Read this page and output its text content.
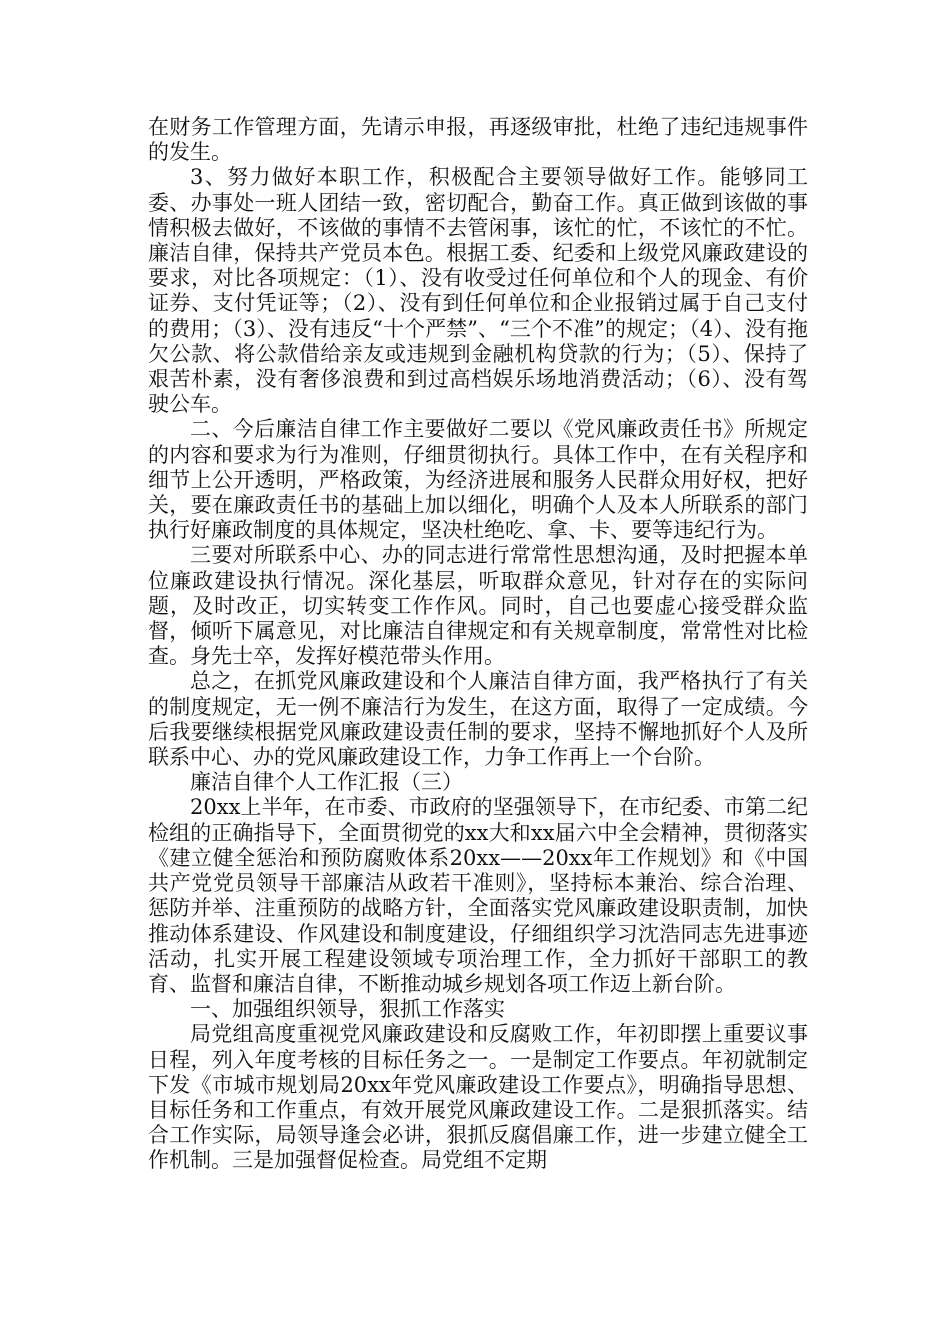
在财务工作管理方面，先请示申报，再逐级审批，杜绝了违纪违规事件的发生。

3、努力做好本职工作，积极配合主要领导做好工作。能够同工委、办事处一班人团结一致，密切配合，勤奋工作。真正做到该做的事情积极去做好，不该做的事情不去管闲事，该忙的忙，不该忙的不忙。廉洁自律，保持共产党员本色。根据工委、纪委和上级党风廉政建设的要求，对比各项规定：（1）、没有收受过任何单位和个人的现金、有价证券、支付凭证等；（2）、没有到任何单位和企业报销过属于自己支付的费用；（3）、没有违反“十个严禁”、“三个不准”的规定；（4）、没有拖欠公款、将公款借给亲友或违规到金融机构贷款的行为；（5）、保持了艰苦朴素，没有奢侈浪费和到过高档娱乐场地消费活动；（6）、没有驾驶公车。

二、今后廉洁自律工作主要做好二要以《党风廉政责任书》所规定的内容和要求为行为准则，仔细贯彻执行。具体工作中，在有关程序和细节上公开透明，严格政策，为经济进展和服务人民群众用好权，把好关，要在廉政责任书的基础上加以细化，明确个人及本人所联系的部门执行好廉政制度的具体规定，坚决杜绝吃、拿、卡、要等违纪行为。

三要对所联系中心、办的同志进行常常性思想沟通，及时把握本单位廉政建设执行情况。深化基层，听取群众意见，针对存在的实际问题，及时改正，切实转变工作作风。同时，自己也要虚心接受群众监督，倾听下属意见，对比廉洁自律规定和有关规章制度，常常性对比检查。身先士卒，发挥好模范带头作用。

总之，在抓党风廉政建设和个人廉洁自律方面，我严格执行了有关的制度规定，无一例不廉洁行为发生，在这方面，取得了一定成绩。今后我要继续根据党风廉政建设责任制的要求，坚持不懈地抓好个人及所联系中心、办的党风廉政建设工作，力争工作再上一个台阶。

廉洁自律个人工作汇报（三）

20xx上半年，在市委、市政府的坚强领导下，在市纪委、市第二纪检组的正确指导下，全面贯彻党的xx大和xx届六中全会精神，贯彻落实《建立健全惩治和预防腐败体系20xx——20xx年工作规划》和《中国共产党党员领导干部廉洁从政若干准则》，坚持标本兼治、综合治理、惩防并举、注重预防的战略方针，全面落实党风廉政建设职责制，加快推动体系建设、作风建设和制度建设，仔细组织学习沈浩同志先进事迹活动，扎实开展工程建设领域专项治理工作，全力抓好干部职工的教育、监督和廉洁自律，不断推动城乡规划各项工作迈上新台阶。

一、加强组织领导，狠抓工作落实

局党组高度重视党风廉政建设和反腐败工作，年初即摆上重要议事日程，列入年度考核的目标任务之一。一是制定工作要点。年初就制定下发《市城市规划局20xx年党风廉政建设工作要点》，明确指导思想、目标任务和工作重点，有效开展党风廉政建设工作。二是狠抓落实。结合工作实际，局领导逢会必讲，狠抓反腐倡廉工作，进一步建立健全工作机制。三是加强督促检查。局党组不定期
